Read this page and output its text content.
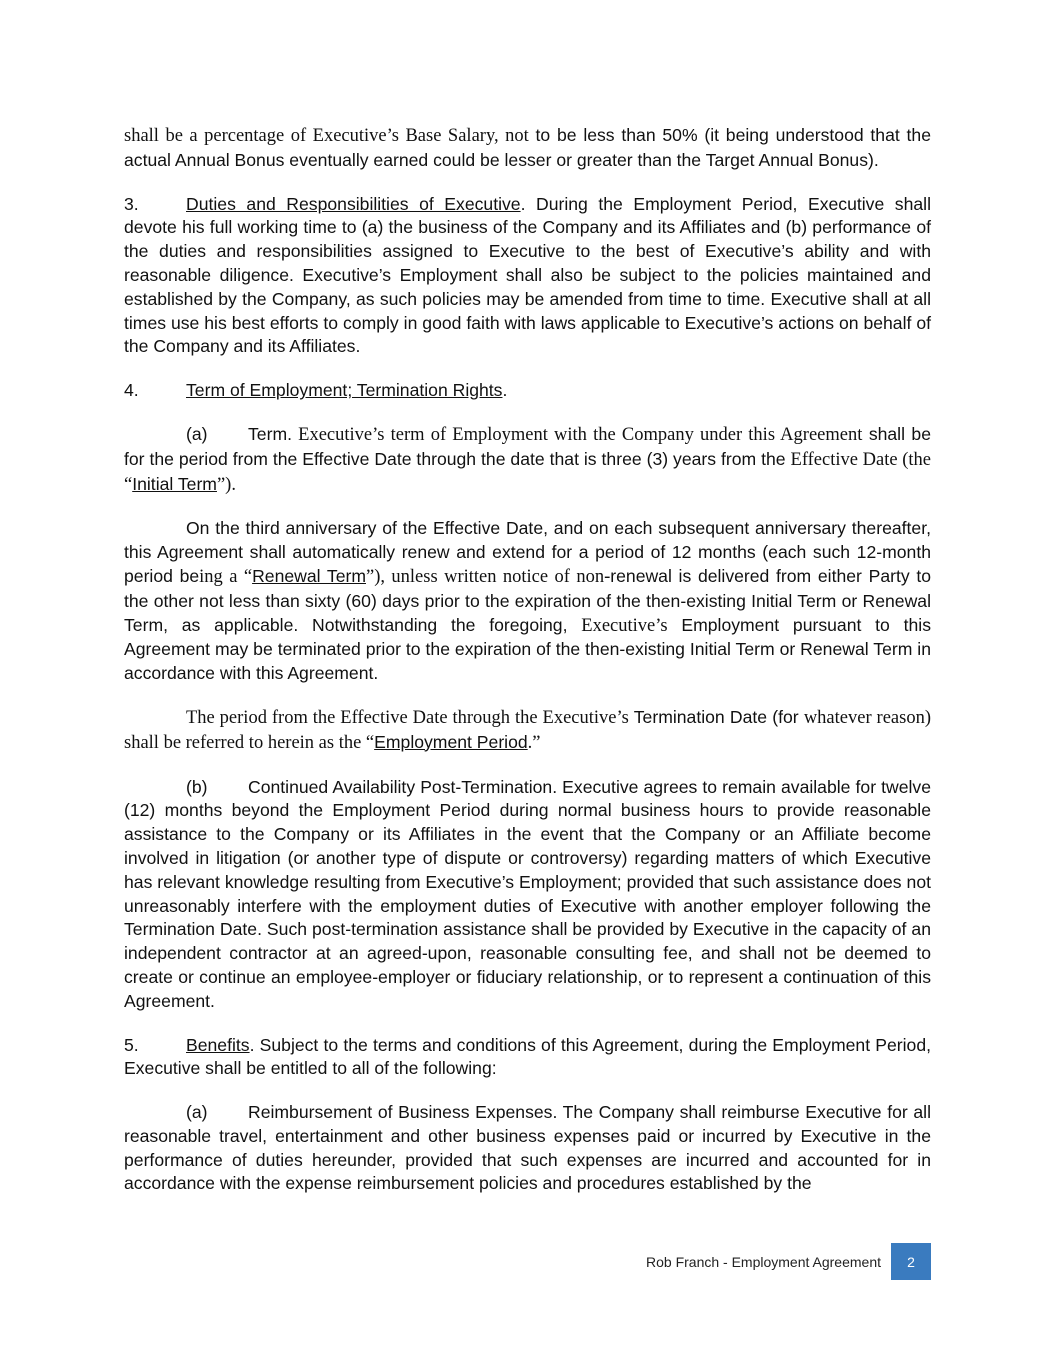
shall be a percentage of Executive’s Base Salary, not to be less than 50% (it being understood that the actual Annual Bonus eventually earned could be lesser or greater than the Target Annual Bonus).

3.	Duties and Responsibilities of Executive. During the Employment Period, Executive shall devote his full working time to (a) the business of the Company and its Affiliates and (b) performance of the duties and responsibilities assigned to Executive to the best of Executive’s ability and with reasonable diligence. Executive’s Employment shall also be subject to the policies maintained and established by the Company, as such policies may be amended from time to time. Executive shall at all times use his best efforts to comply in good faith with laws applicable to Executive’s actions on behalf of the Company and its Affiliates.

4.	Term of Employment; Termination Rights.

(a) Term. Executive’s term of Employment with the Company under this Agreement shall be for the period from the Effective Date through the date that is three (3) years from the Effective Date (the “Initial Term”).

On the third anniversary of the Effective Date, and on each subsequent anniversary thereafter, this Agreement shall automatically renew and extend for a period of 12 months (each such 12-month period being a “Renewal Term”), unless written notice of non-renewal is delivered from either Party to the other not less than sixty (60) days prior to the expiration of the then-existing Initial Term or Renewal Term, as applicable. Notwithstanding the foregoing, Executive’s Employment pursuant to this Agreement may be terminated prior to the expiration of the then-existing Initial Term or Renewal Term in accordance with this Agreement.

The period from the Effective Date through the Executive’s Termination Date (for whatever reason) shall be referred to herein as the “Employment Period.”

(b) Continued Availability Post-Termination. Executive agrees to remain available for twelve (12) months beyond the Employment Period during normal business hours to provide reasonable assistance to the Company or its Affiliates in the event that the Company or an Affiliate become involved in litigation (or another type of dispute or controversy) regarding matters of which Executive has relevant knowledge resulting from Executive’s Employment; provided that such assistance does not unreasonably interfere with the employment duties of Executive with another employer following the Termination Date. Such post-termination assistance shall be provided by Executive in the capacity of an independent contractor at an agreed-upon, reasonable consulting fee, and shall not be deemed to create or continue an employee-employer or fiduciary relationship, or to represent a continuation of this Agreement.

5.	Benefits. Subject to the terms and conditions of this Agreement, during the Employment Period, Executive shall be entitled to all of the following:

(a) Reimbursement of Business Expenses. The Company shall reimburse Executive for all reasonable travel, entertainment and other business expenses paid or incurred by Executive in the performance of duties hereunder, provided that such expenses are incurred and accounted for in accordance with the expense reimbursement policies and procedures established by the

Rob Franch - Employment Agreement	2
